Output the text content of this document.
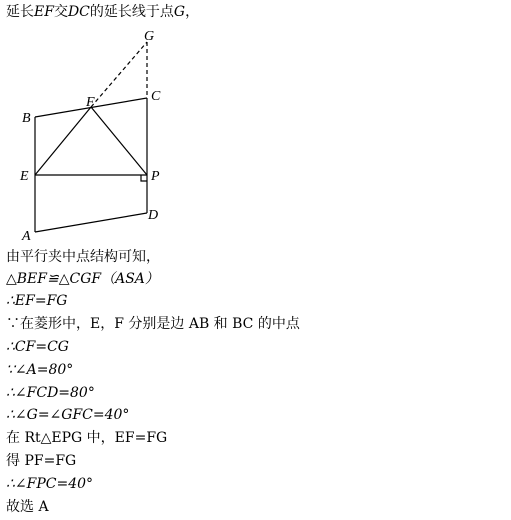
延长EF交DC的延长线于点G，
G
C
B
F
E	P
A
D
由平行夹中点结构可知，
△BEF≌△CGF（ASA）
∴EF=FG
∵在菱形中，E，F 分别是边 AB 和 BC 的中点
∴CF=CG
∵∠A=80°
∴∠FCD=80°
∴∠G=∠GFC=40°
在 Rt△EPG 中，EF=FG
得 PF=FG
∴∠FPC=40°
故选 A
